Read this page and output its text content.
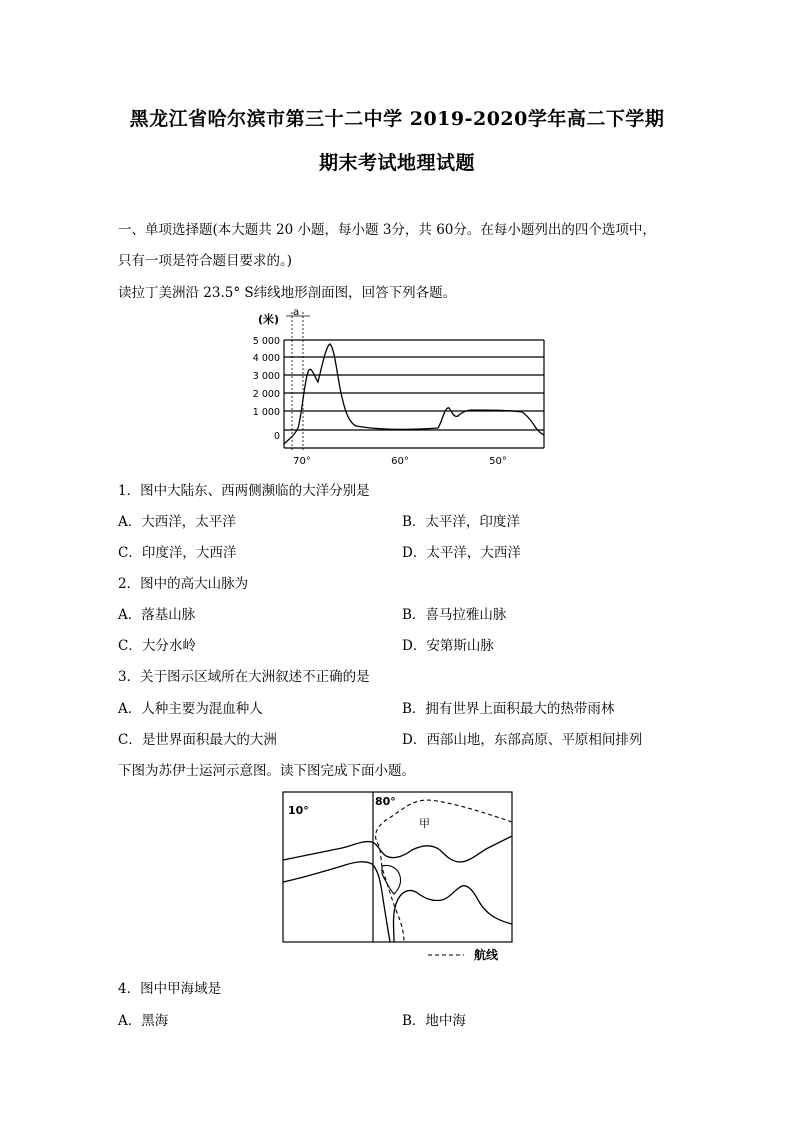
黑龙江省哈尔滨市第三十二中学 2019-2020学年高二下学期
期末考试地理试题
一、单项选择题(本大题共 20 小题，每小题 3分，共 60分。在每小题列出的四个选项中，
只有一项是符合题目要求的。)
读拉丁美洲沿 23.5° S纬线地形剖面图，回答下列各题。
(米)
a
5 000
4 000
3 000
2 000
1 000
0
70°	60°	50°
1．图中大陆东、西两侧濒临的大洋分别是
A．大西洋，太平洋	B．太平洋，印度洋
C．印度洋，大西洋	D．太平洋，大西洋
2．图中的高大山脉为
A．落基山脉	B．喜马拉雅山脉
C．大分水岭	D．安第斯山脉
3．关于图示区域所在大洲叙述不正确的是
A．人种主要为混血种人	B．拥有世界上面积最大的热带雨林
C．是世界面积最大的大洲	D．西部山地，东部高原、平原相间排列
下图为苏伊士运河示意图。读下图完成下面小题。
10°
80°
甲
航线
4．图中甲海域是
A．黑海	B．地中海
